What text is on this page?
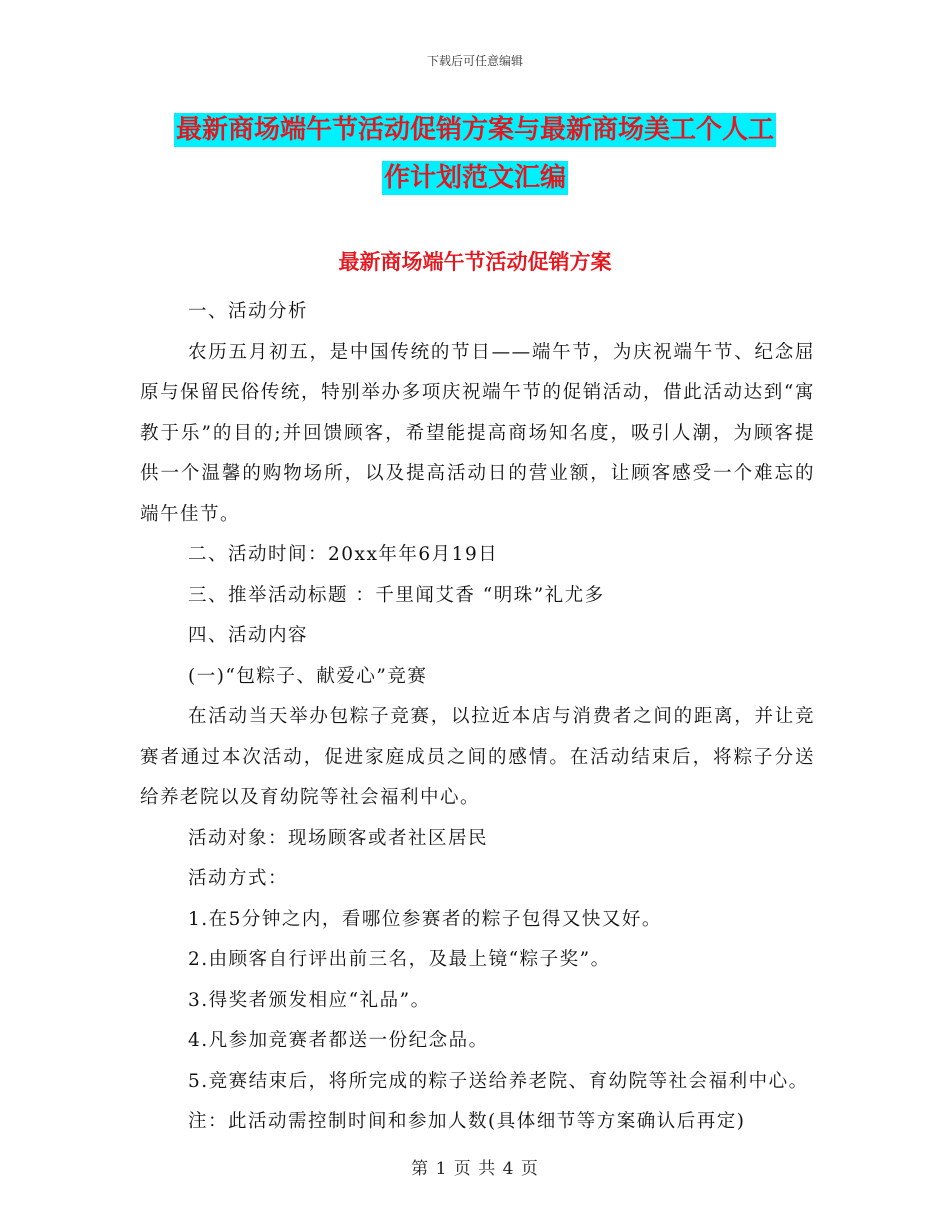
下载后可任意编辑
最新商场端午节活动促销方案与最新商场美工个人工
作计划范文汇编
最新商场端午节活动促销方案

一、活动分析

农历五月初五，是中国传统的节日——端午节，为庆祝端午节、纪念屈原与保留民俗传统，特别举办多项庆祝端午节的促销活动，借此活动达到“寓教于乐”的目的;并回馈顾客，希望能提高商场知名度，吸引人潮，为顾客提供一个温馨的购物场所，以及提高活动日的营业额，让顾客感受一个难忘的端午佳节。

二、活动时间：20xx年年6月19日

三、推举活动标题 ：千里闻艾香 “明珠”礼尤多

四、活动内容

(一)“包粽子、献爱心”竞赛

在活动当天举办包粽子竞赛，以拉近本店与消费者之间的距离，并让竞赛者通过本次活动，促进家庭成员之间的感情。在活动结束后，将粽子分送给养老院以及育幼院等社会福利中心。

活动对象：现场顾客或者社区居民

活动方式：

1.在5分钟之内，看哪位参赛者的粽子包得又快又好。

2.由顾客自行评出前三名，及最上镜“粽子奖”。

3.得奖者颁发相应“礼品”。

4.凡参加竞赛者都送一份纪念品。

5.竞赛结束后，将所完成的粽子送给养老院、育幼院等社会福利中心。

注：此活动需控制时间和参加人数(具体细节等方案确认后再定)

第 1 页 共 4 页
